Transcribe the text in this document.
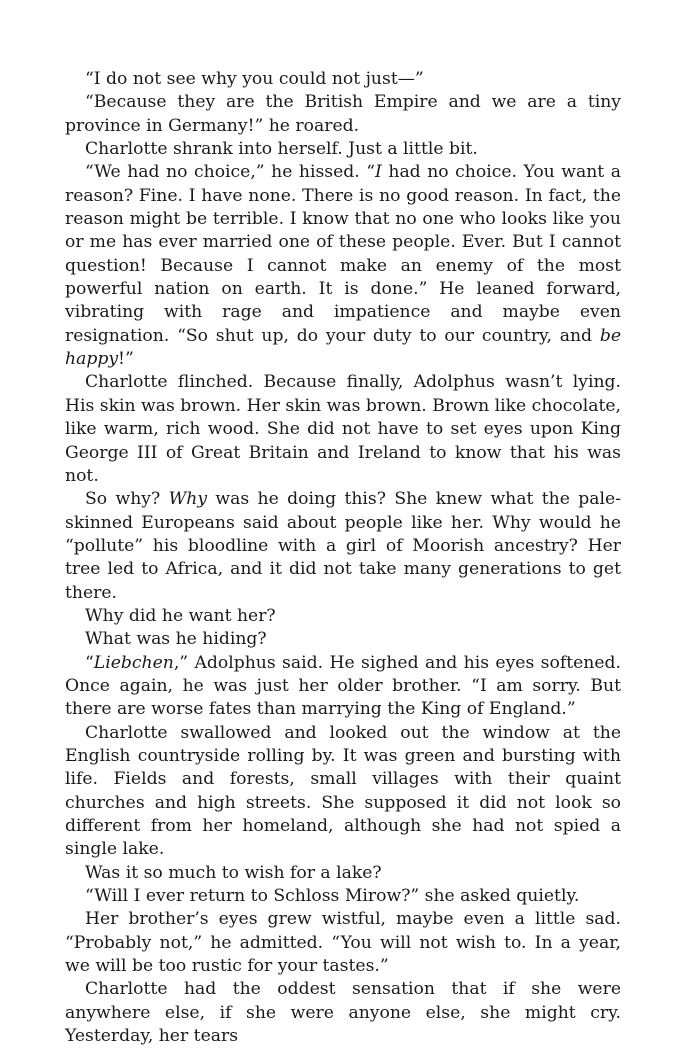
“I do not see why you could not just—”

“Because they are the British Empire and we are a tiny province in Germany!” he roared.

Charlotte shrank into herself. Just a little bit.

“We had no choice,” he hissed. “I had no choice. You want a reason? Fine. I have none. There is no good reason. In fact, the reason might be terrible. I know that no one who looks like you or me has ever married one of these people. Ever. But I cannot question! Because I cannot make an enemy of the most powerful nation on earth. It is done.” He leaned forward, vibrating with rage and impatience and maybe even resignation. “So shut up, do your duty to our country, and be happy!”

Charlotte flinched. Because finally, Adolphus wasn’t lying. His skin was brown. Her skin was brown. Brown like chocolate, like warm, rich wood. She did not have to set eyes upon King George III of Great Britain and Ireland to know that his was not.

So why? Why was he doing this? She knew what the pale-skinned Europeans said about people like her. Why would he “pollute” his bloodline with a girl of Moorish ancestry? Her tree led to Africa, and it did not take many generations to get there.

Why did he want her?

What was he hiding?

“Liebchen,” Adolphus said. He sighed and his eyes softened. Once again, he was just her older brother. “I am sorry. But there are worse fates than marrying the King of England.”

Charlotte swallowed and looked out the window at the English countryside rolling by. It was green and bursting with life. Fields and forests, small villages with their quaint churches and high streets. She supposed it did not look so different from her homeland, although she had not spied a single lake.

Was it so much to wish for a lake?

“Will I ever return to Schloss Mirow?” she asked quietly.

Her brother’s eyes grew wistful, maybe even a little sad. “Probably not,” he admitted. “You will not wish to. In a year, we will be too rustic for your tastes.”

Charlotte had the oddest sensation that if she were anywhere else, if she were anyone else, she might cry. Yesterday, her tears
